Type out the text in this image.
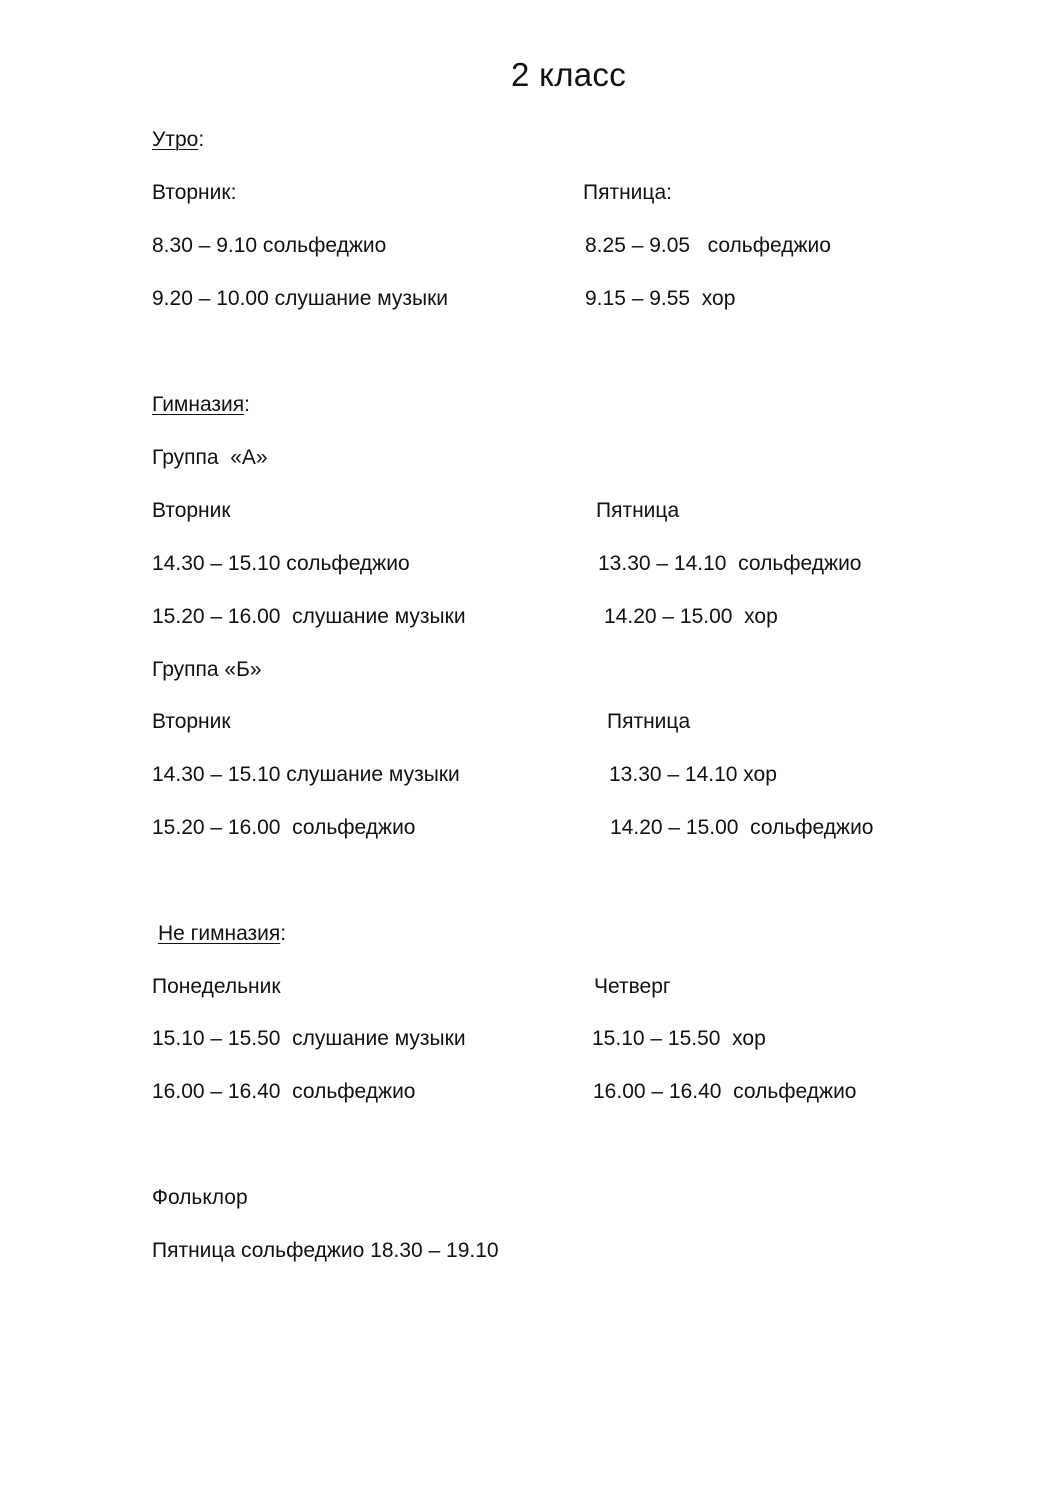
2 класс
Утро:
Вторник:	Пятница:
8.30 – 9.10 сольфеджио	8.25 – 9.05   сольфеджио
9.20 – 10.00 слушание музыки	9.15 – 9.55  хор
Гимназия:
Группа  «А»
Вторник	Пятница
14.30 – 15.10 сольфеджио	13.30 – 14.10  сольфеджио
15.20 – 16.00  слушание музыки	14.20 – 15.00  хор
Группа «Б»
Вторник	Пятница
14.30 – 15.10 слушание музыки	13.30 – 14.10 хор
15.20 – 16.00  сольфеджио	14.20 – 15.00  сольфеджио
Не гимназия:
Понедельник	Четверг
15.10 – 15.50  слушание музыки	15.10 – 15.50  хор
16.00 – 16.40  сольфеджио	16.00 – 16.40  сольфеджио
Фольклор
Пятница сольфеджио 18.30 – 19.10
